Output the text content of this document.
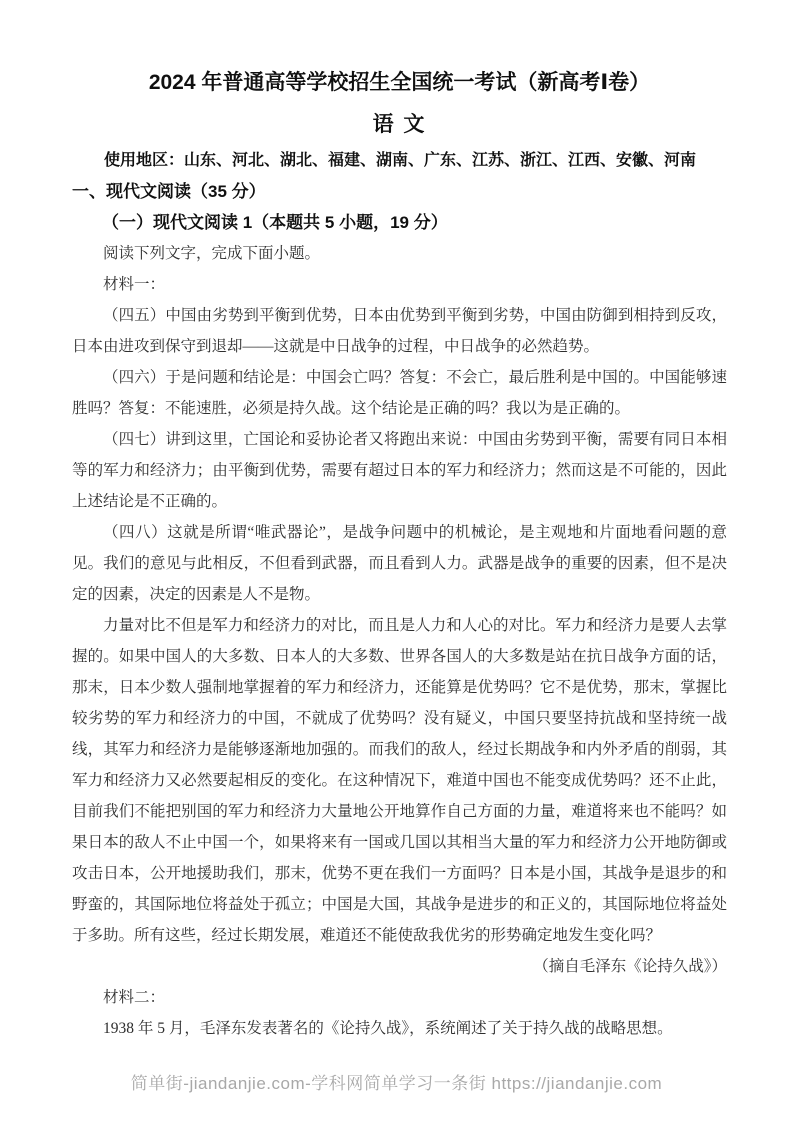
2024 年普通高等学校招生全国统一考试（新高考Ⅰ卷）
语 文

使用地区：山东、河北、湖北、福建、湖南、广东、江苏、浙江、江西、安徽、河南

一、现代文阅读（35 分）
（一）现代文阅读 1（本题共 5 小题，19 分）

阅读下列文字，完成下面小题。

材料一：

（四五）中国由劣势到平衡到优势，日本由优势到平衡到劣势，中国由防御到相持到反攻，日本由进攻到保守到退却——这就是中日战争的过程，中日战争的必然趋势。

（四六）于是问题和结论是：中国会亡吗？答复：不会亡，最后胜利是中国的。中国能够速胜吗？答复：不能速胜，必须是持久战。这个结论是正确的吗？我以为是正确的。

（四七）讲到这里，亡国论和妥协论者又将跑出来说：中国由劣势到平衡，需要有同日本相等的军力和经济力；由平衡到优势，需要有超过日本的军力和经济力；然而这是不可能的，因此上述结论是不正确的。

（四八）这就是所谓“唯武器论”，是战争问题中的机械论，是主观地和片面地看问题的意见。我们的意见与此相反，不但看到武器，而且看到人力。武器是战争的重要的因素，但不是决定的因素，决定的因素是人不是物。

力量对比不但是军力和经济力的对比，而且是人力和人心的对比。军力和经济力是要人去掌握的。如果中国人的大多数、日本人的大多数、世界各国人的大多数是站在抗日战争方面的话，那末，日本少数人强制地掌握着的军力和经济力，还能算是优势吗？它不是优势，那末，掌握比较劣势的军力和经济力的中国，不就成了优势吗？没有疑义，中国只要坚持抗战和坚持统一战线，其军力和经济力是能够逐渐地加强的。而我们的敌人，经过长期战争和内外矛盾的削弱，其军力和经济力又必然要起相反的变化。在这种情况下，难道中国也不能变成优势吗？还不止此，目前我们不能把别国的军力和经济力大量地公开地算作自己方面的力量，难道将来也不能吗？如果日本的敌人不止中国一个，如果将来有一国或几国以其相当大量的军力和经济力公开地防御或攻击日本，公开地援助我们，那末，优势不更在我们一方面吗？日本是小国，其战争是退步的和野蛮的，其国际地位将益处于孤立；中国是大国，其战争是进步的和正义的，其国际地位将益处于多助。所有这些，经过长期发展，难道还不能使敌我优劣的形势确定地发生变化吗？

（摘自毛泽东《论持久战》）

材料二：

1938 年 5 月，毛泽东发表著名的《论持久战》，系统阐述了关于持久战的战略思想。

简单街-jiandanjie.com-学科网简单学习一条街 https://jiandanjie.com
